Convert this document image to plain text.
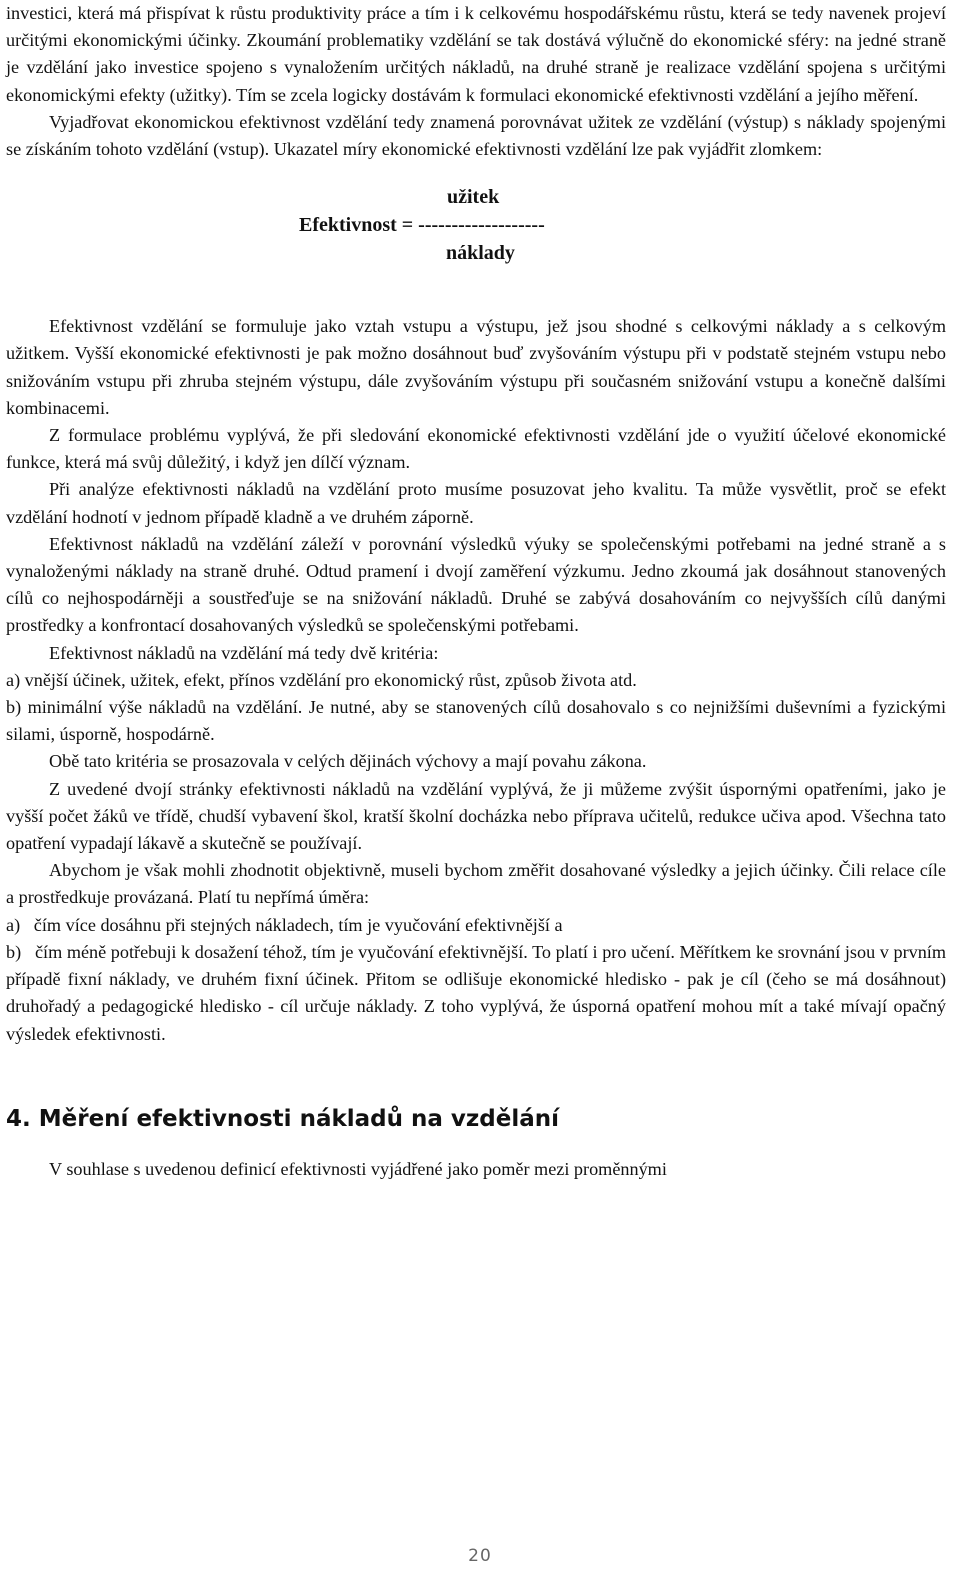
investici, která má přispívat k růstu produktivity práce a tím i k celkovému hospodářskému růstu, která se tedy navenek projeví určitými ekonomickými účinky. Zkoumání problematiky vzdělání se tak dostává výlučně do ekonomické sféry: na jedné straně je vzdělání jako investice spojeno s vynaložením určitých nákladů, na druhé straně je realizace vzdělání spojena s určitými ekonomickými efekty (užitky). Tím se zcela logicky dostávám k formulaci ekonomické efektivnosti vzdělání a jejího měření.

Vyjadřovat ekonomickou efektivnost vzdělání tedy znamená porovnávat užitek ze vzdělání (výstup) s náklady spojenými se získáním tohoto vzdělání (vstup). Ukazatel míry ekonomické efektivnosti vzdělání lze pak vyjádřit zlomkem:

užitek
Efektivnost = -------------------
náklady

Efektivnost vzdělání se formuluje jako vztah vstupu a výstupu, jež jsou shodné s celkovými náklady a s celkovým užitkem. Vyšší ekonomické efektivnosti je pak možno dosáhnout buď zvyšováním výstupu při v podstatě stejném vstupu nebo snižováním vstupu při zhruba stejném výstupu, dále zvyšováním výstupu při současném snižování vstupu a konečně dalšími kombinacemi.

Z formulace problému vyplývá, že při sledování ekonomické efektivnosti vzdělání jde o využití účelové ekonomické funkce, která má svůj důležitý, i když jen dílčí význam.

Při analýze efektivnosti nákladů na vzdělání proto musíme posuzovat jeho kvalitu. Ta může vysvětlit, proč se efekt vzdělání hodnotí v jednom případě kladně a ve druhém záporně.

Efektivnost nákladů na vzdělání záleží v porovnání výsledků výuky se společenskými potřebami na jedné straně a s vynaloženými náklady na straně druhé. Odtud pramení i dvojí zaměření výzkumu. Jedno zkoumá jak dosáhnout stanovených cílů co nejhospodárněji a soustřeďuje se na snižování nákladů. Druhé se zabývá dosahováním co nejvyšších cílů danými prostředky a konfrontací dosahovaných výsledků se společenskými potřebami.

Efektivnost nákladů na vzdělání má tedy dvě kritéria:

a) vnější účinek, užitek, efekt, přínos vzdělání pro ekonomický růst, způsob života atd.

b) minimální výše nákladů na vzdělání. Je nutné, aby se stanovených cílů dosahovalo s co nejnižšími duševními a fyzickými silami, úsporně, hospodárně.

Obě tato kritéria se prosazovala v celých dějinách výchovy a mají povahu zákona.

Z uvedené dvojí stránky efektivnosti nákladů na vzdělání vyplývá, že ji můžeme zvýšit úspornými opatřeními, jako je vyšší počet žáků ve třídě, chudší vybavení škol, kratší školní docházka nebo příprava učitelů, redukce učiva apod. Všechna tato opatření vypadají lákavě a skutečně se používají.

Abychom je však mohli zhodnotit objektivně, museli bychom změřit dosahované výsledky a jejich účinky. Čili relace cíle a prostředkuje provázaná. Platí tu nepřímá úměra:

a) čím více dosáhnu při stejných nákladech, tím je vyučování efektivnější a

b) čím méně potřebuji k dosažení téhož, tím je vyučování efektivnější. To platí i pro učení. Měřítkem ke srovnání jsou v prvním případě fixní náklady, ve druhém fixní účinek. Přitom se odlišuje ekonomické hledisko - pak je cíl (čeho se má dosáhnout) druhořadý a pedagogické hledisko - cíl určuje náklady. Z toho vyplývá, že úsporná opatření mohou mít a také mívají opačný výsledek efektivnosti.

4. Měření efektivnosti nákladů na vzdělání

V souhlase s uvedenou definicí efektivnosti vyjádřené jako poměr mezi proměnnými

20
